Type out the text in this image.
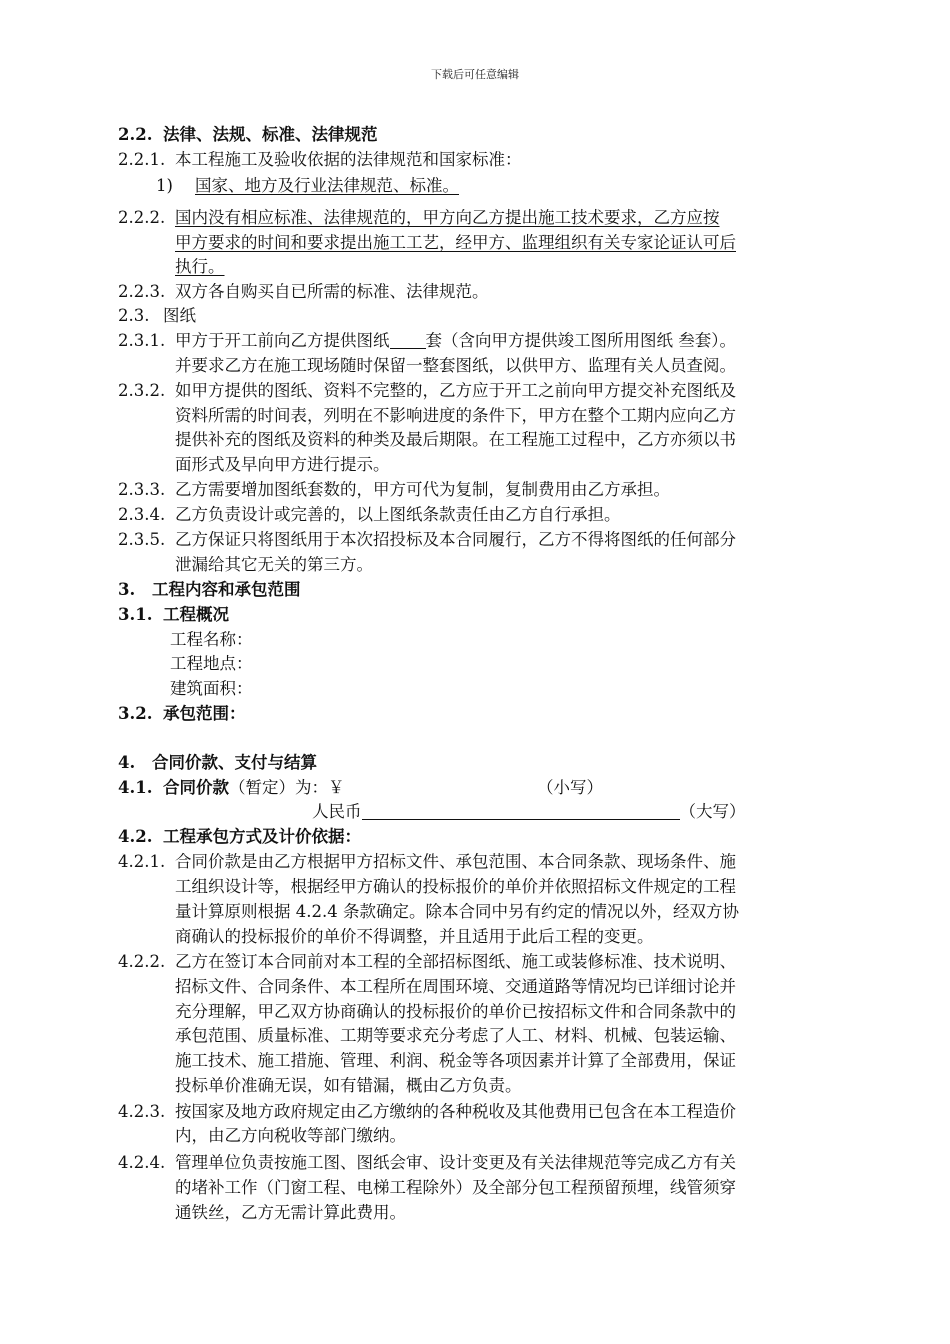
下载后可任意编辑
2.2. 法律、法规、标准、法律规范
2.2.1. 本工程施工及验收依据的法律规范和国家标准：
1) 国家、地方及行业法律规范、标准。
2.2.2. 国内没有相应标准、法律规范的，甲方向乙方提出施工技术要求，乙方应按
甲方要求的时间和要求提出施工工艺，经甲方、监理组织有关专家论证认可后
执行。
2.2.3. 双方各自购买自已所需的标准、法律规范。
2.3. 图纸
2.3.1. 甲方于开工前向乙方提供图纸 套（含向甲方提供竣工图所用图纸 叁套）。
并要求乙方在施工现场随时保留一整套图纸，以供甲方、监理有关人员查阅。
2.3.2. 如甲方提供的图纸、资料不完整的，乙方应于开工之前向甲方提交补充图纸及
资料所需的时间表，列明在不影响进度的条件下，甲方在整个工期内应向乙方
提供补充的图纸及资料的种类及最后期限。在工程施工过程中，乙方亦须以书
面形式及早向甲方进行提示。
2.3.3. 乙方需要增加图纸套数的，甲方可代为复制，复制费用由乙方承担。
2.3.4. 乙方负责设计或完善的，以上图纸条款责任由乙方自行承担。
2.3.5. 乙方保证只将图纸用于本次招投标及本合同履行，乙方不得将图纸的任何部分
泄漏给其它无关的第三方。
3. 工程内容和承包范围
3.1. 工程概况
工程名称：
工程地点：
建筑面积：
3.2. 承包范围：
4. 合同价款、支付与结算
4.1. 合同价款（暂定）为：￥	（小写）
人民币	（大写）
4.2. 工程承包方式及计价依据：
4.2.1. 合同价款是由乙方根据甲方招标文件、承包范围、本合同条款、现场条件、施
工组织设计等，根据经甲方确认的投标报价的单价并依照招标文件规定的工程
量计算原则根据 4.2.4 条款确定。除本合同中另有约定的情况以外，经双方协
商确认的投标报价的单价不得调整，并且适用于此后工程的变更。
4.2.2. 乙方在签订本合同前对本工程的全部招标图纸、施工或装修标准、技术说明、
招标文件、合同条件、本工程所在周围环境、交通道路等情况均已详细讨论并
充分理解，甲乙双方协商确认的投标报价的单价已按招标文件和合同条款中的
承包范围、质量标准、工期等要求充分考虑了人工、材料、机械、包装运输、
施工技术、施工措施、管理、利润、税金等各项因素并计算了全部费用，保证
投标单价准确无误，如有错漏，概由乙方负责。
4.2.3. 按国家及地方政府规定由乙方缴纳的各种税收及其他费用已包含在本工程造价
内，由乙方向税收等部门缴纳。
4.2.4. 管理单位负责按施工图、图纸会审、设计变更及有关法律规范等完成乙方有关
的堵补工作（门窗工程、电梯工程除外）及全部分包工程预留预埋，线管须穿
通铁丝，乙方无需计算此费用。
